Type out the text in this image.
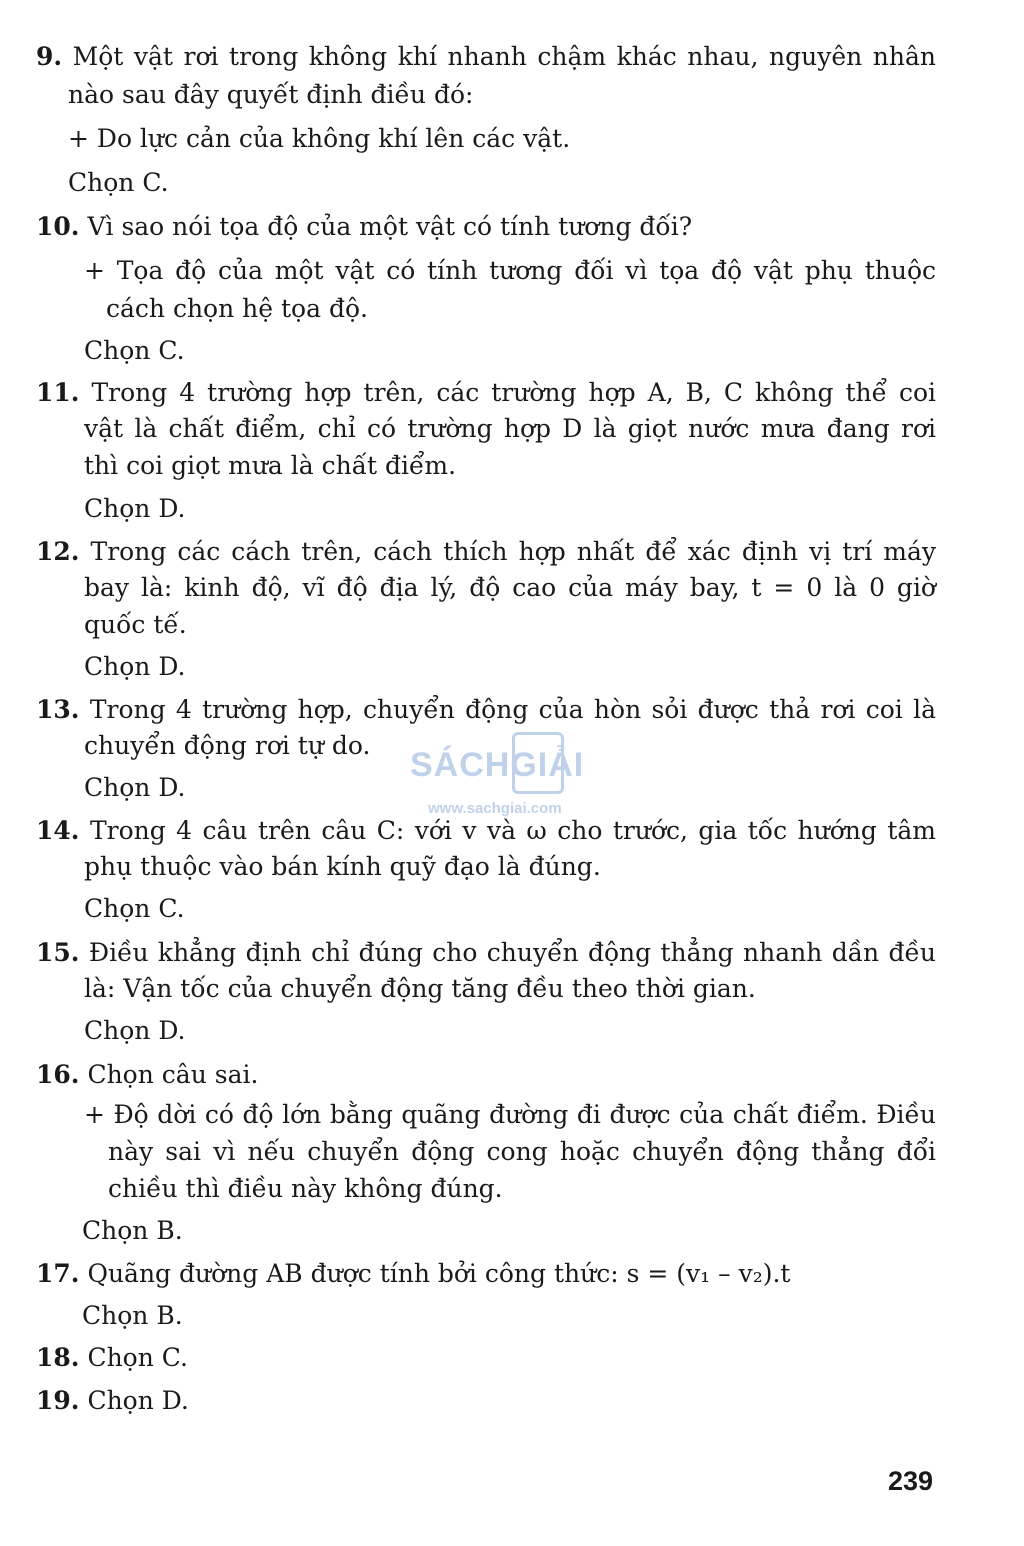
9. Một vật rơi trong không khí nhanh chậm khác nhau, nguyên nhân
nào sau đây quyết định điều đó:
+ Do lực cản của không khí lên các vật.
Chọn C.
10. Vì sao nói tọa độ của một vật có tính tương đối?
+ Tọa độ của một vật có tính tương đối vì tọa độ vật phụ thuộc
cách chọn hệ tọa độ.
Chọn C.
11. Trong 4 trường hợp trên, các trường hợp A, B, C không thể coi
vật là chất điểm, chỉ có trường hợp D là giọt nước mưa đang rơi
thì coi giọt mưa là chất điểm.
Chọn D.
12. Trong các cách trên, cách thích hợp nhất để xác định vị trí máy
bay là: kinh độ, vĩ độ địa lý, độ cao của máy bay, t = 0 là 0 giờ
quốc tế.
Chọn D.
13. Trong 4 trường hợp, chuyển động của hòn sỏi được thả rơi coi là
chuyển động rơi tự do.
Chọn D.
14. Trong 4 câu trên câu C: với v và ω cho trước, gia tốc hướng tâm
phụ thuộc vào bán kính quỹ đạo là đúng.
Chọn C.
15. Điều khẳng định chỉ đúng cho chuyển động thẳng nhanh dần đều
là: Vận tốc của chuyển động tăng đều theo thời gian.
Chọn D.
16. Chọn câu sai.
+ Độ dời có độ lớn bằng quãng đường đi được của chất điểm. Điều
này sai vì nếu chuyển động cong hoặc chuyển động thẳng đổi
chiều thì điều này không đúng.
Chọn B.
17. Quãng đường AB được tính bởi công thức: s = (v₁ – v₂).t
Chọn B.
18. Chọn C.
19. Chọn D.
SÁCHGIẢI
www.sachgiai.com
239
